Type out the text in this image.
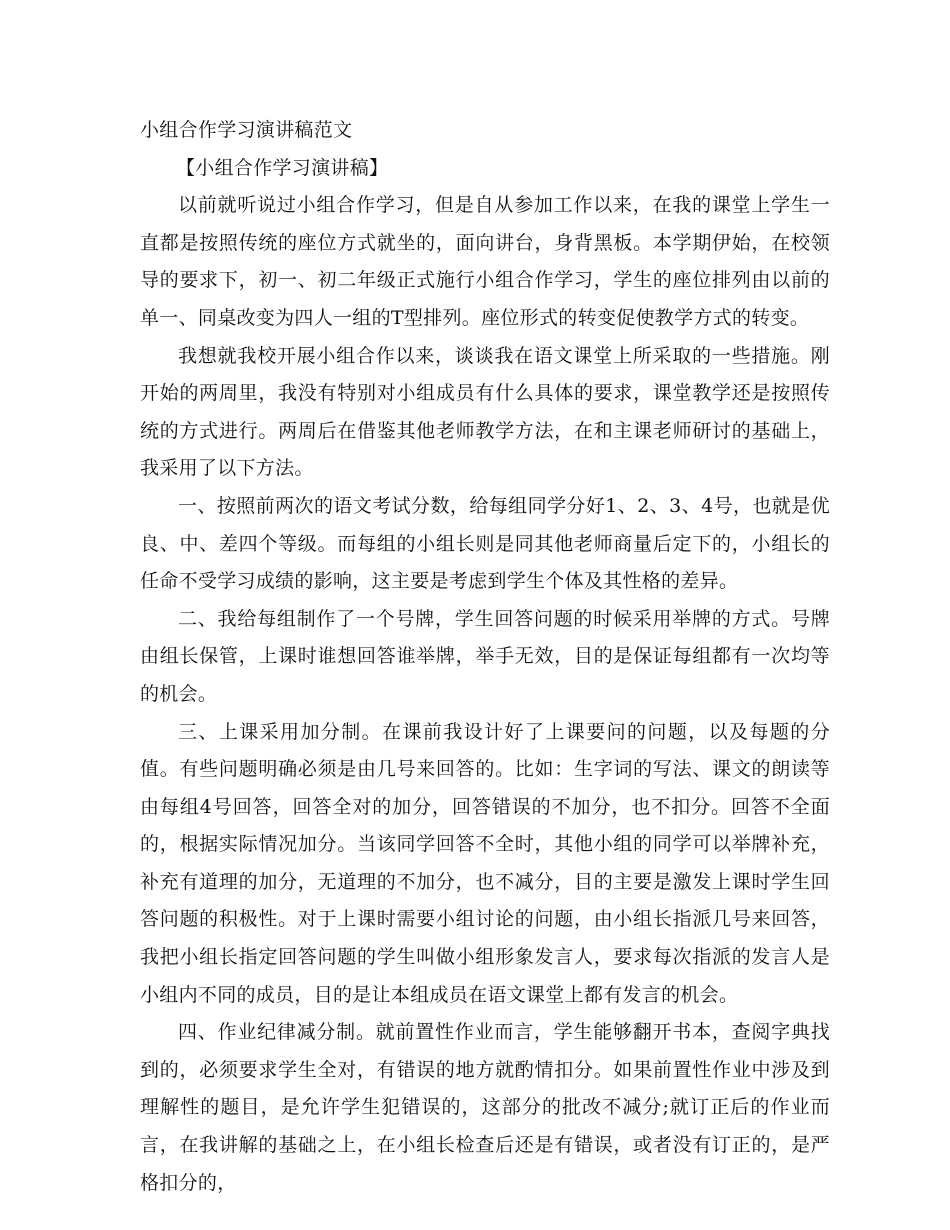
小组合作学习演讲稿范文

【小组合作学习演讲稿】

以前就听说过小组合作学习，但是自从参加工作以来，在我的课堂上学生一直都是按照传统的座位方式就坐的，面向讲台，身背黑板。本学期伊始，在校领导的要求下，初一、初二年级正式施行小组合作学习，学生的座位排列由以前的单一、同桌改变为四人一组的T型排列。座位形式的转变促使教学方式的转变。

我想就我校开展小组合作以来，谈谈我在语文课堂上所采取的一些措施。刚开始的两周里，我没有特别对小组成员有什么具体的要求，课堂教学还是按照传统的方式进行。两周后在借鉴其他老师教学方法，在和主课老师研讨的基础上，我采用了以下方法。

一、按照前两次的语文考试分数，给每组同学分好1、2、3、4号，也就是优良、中、差四个等级。而每组的小组长则是同其他老师商量后定下的，小组长的任命不受学习成绩的影响，这主要是考虑到学生个体及其性格的差异。

二、我给每组制作了一个号牌，学生回答问题的时候采用举牌的方式。号牌由组长保管，上课时谁想回答谁举牌，举手无效，目的是保证每组都有一次均等的机会。

三、上课采用加分制。在课前我设计好了上课要问的问题，以及每题的分值。有些问题明确必须是由几号来回答的。比如：生字词的写法、课文的朗读等由每组4号回答，回答全对的加分，回答错误的不加分，也不扣分。回答不全面的，根据实际情况加分。当该同学回答不全时，其他小组的同学可以举牌补充，补充有道理的加分，无道理的不加分，也不减分，目的主要是激发上课时学生回答问题的积极性。对于上课时需要小组讨论的问题，由小组长指派几号来回答，我把小组长指定回答问题的学生叫做小组形象发言人，要求每次指派的发言人是小组内不同的成员，目的是让本组成员在语文课堂上都有发言的机会。

四、作业纪律减分制。就前置性作业而言，学生能够翻开书本，查阅字典找到的，必须要求学生全对，有错误的地方就酌情扣分。如果前置性作业中涉及到理解性的题目，是允许学生犯错误的，这部分的批改不减分;就订正后的作业而言，在我讲解的基础之上，在小组长检查后还是有错误，或者没有订正的，是严格扣分的，
